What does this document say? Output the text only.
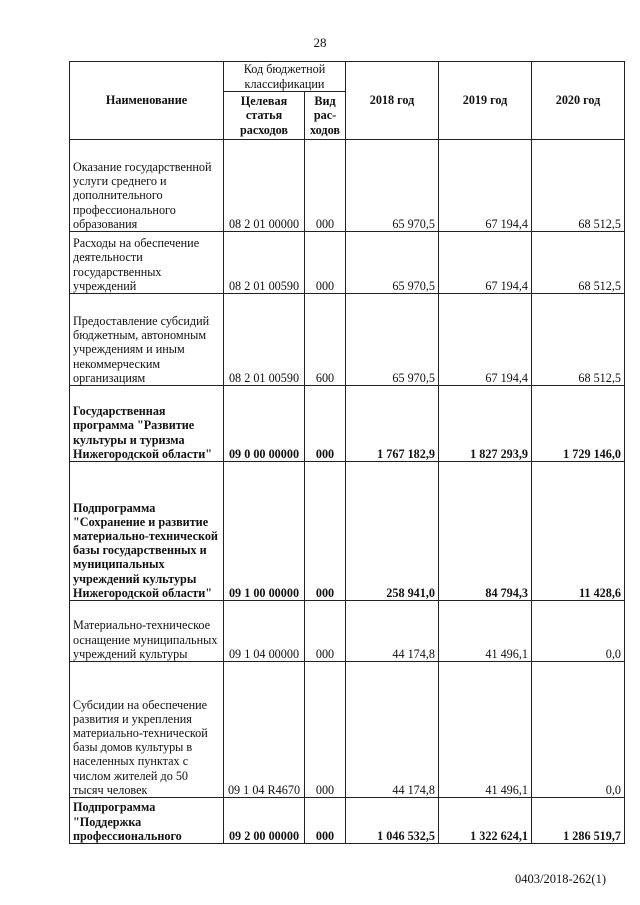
28
Наименование	Код бюджетной классификации		2018 год	2019 год	2020 год
	Целевая статья расходов	Вид рас-ходов			
Оказание государственной услуги среднего и дополнительного профессионального образования	08 2 01 00000	000	65 970,5	67 194,4	68 512,5
Расходы на обеспечение деятельности государственных учреждений	08 2 01 00590	000	65 970,5	67 194,4	68 512,5
Предоставление субсидий бюджетным, автономным учреждениям и иным некоммерческим организациям	08 2 01 00590	600	65 970,5	67 194,4	68 512,5
Государственная программа "Развитие культуры и туризма Нижегородской области"	09 0 00 00000	000	1 767 182,9	1 827 293,9	1 729 146,0
Подпрограмма "Сохранение и развитие материально-технической базы государственных и муниципальных учреждений культуры Нижегородской области"	09 1 00 00000	000	258 941,0	84 794,3	11 428,6
Материально-техническое оснащение муниципальных учреждений культуры	09 1 04 00000	000	44 174,8	41 496,1	0,0
Субсидии на обеспечение развития и укрепления материально-технической базы домов культуры в населенных пунктах с числом жителей до 50 тысяч человек	09 1 04 R4670	000	44 174,8	41 496,1	0,0
Подпрограмма "Поддержка профессионального	09 2 00 00000	000	1 046 532,5	1 322 624,1	1 286 519,7
0403/2018-262(1)
